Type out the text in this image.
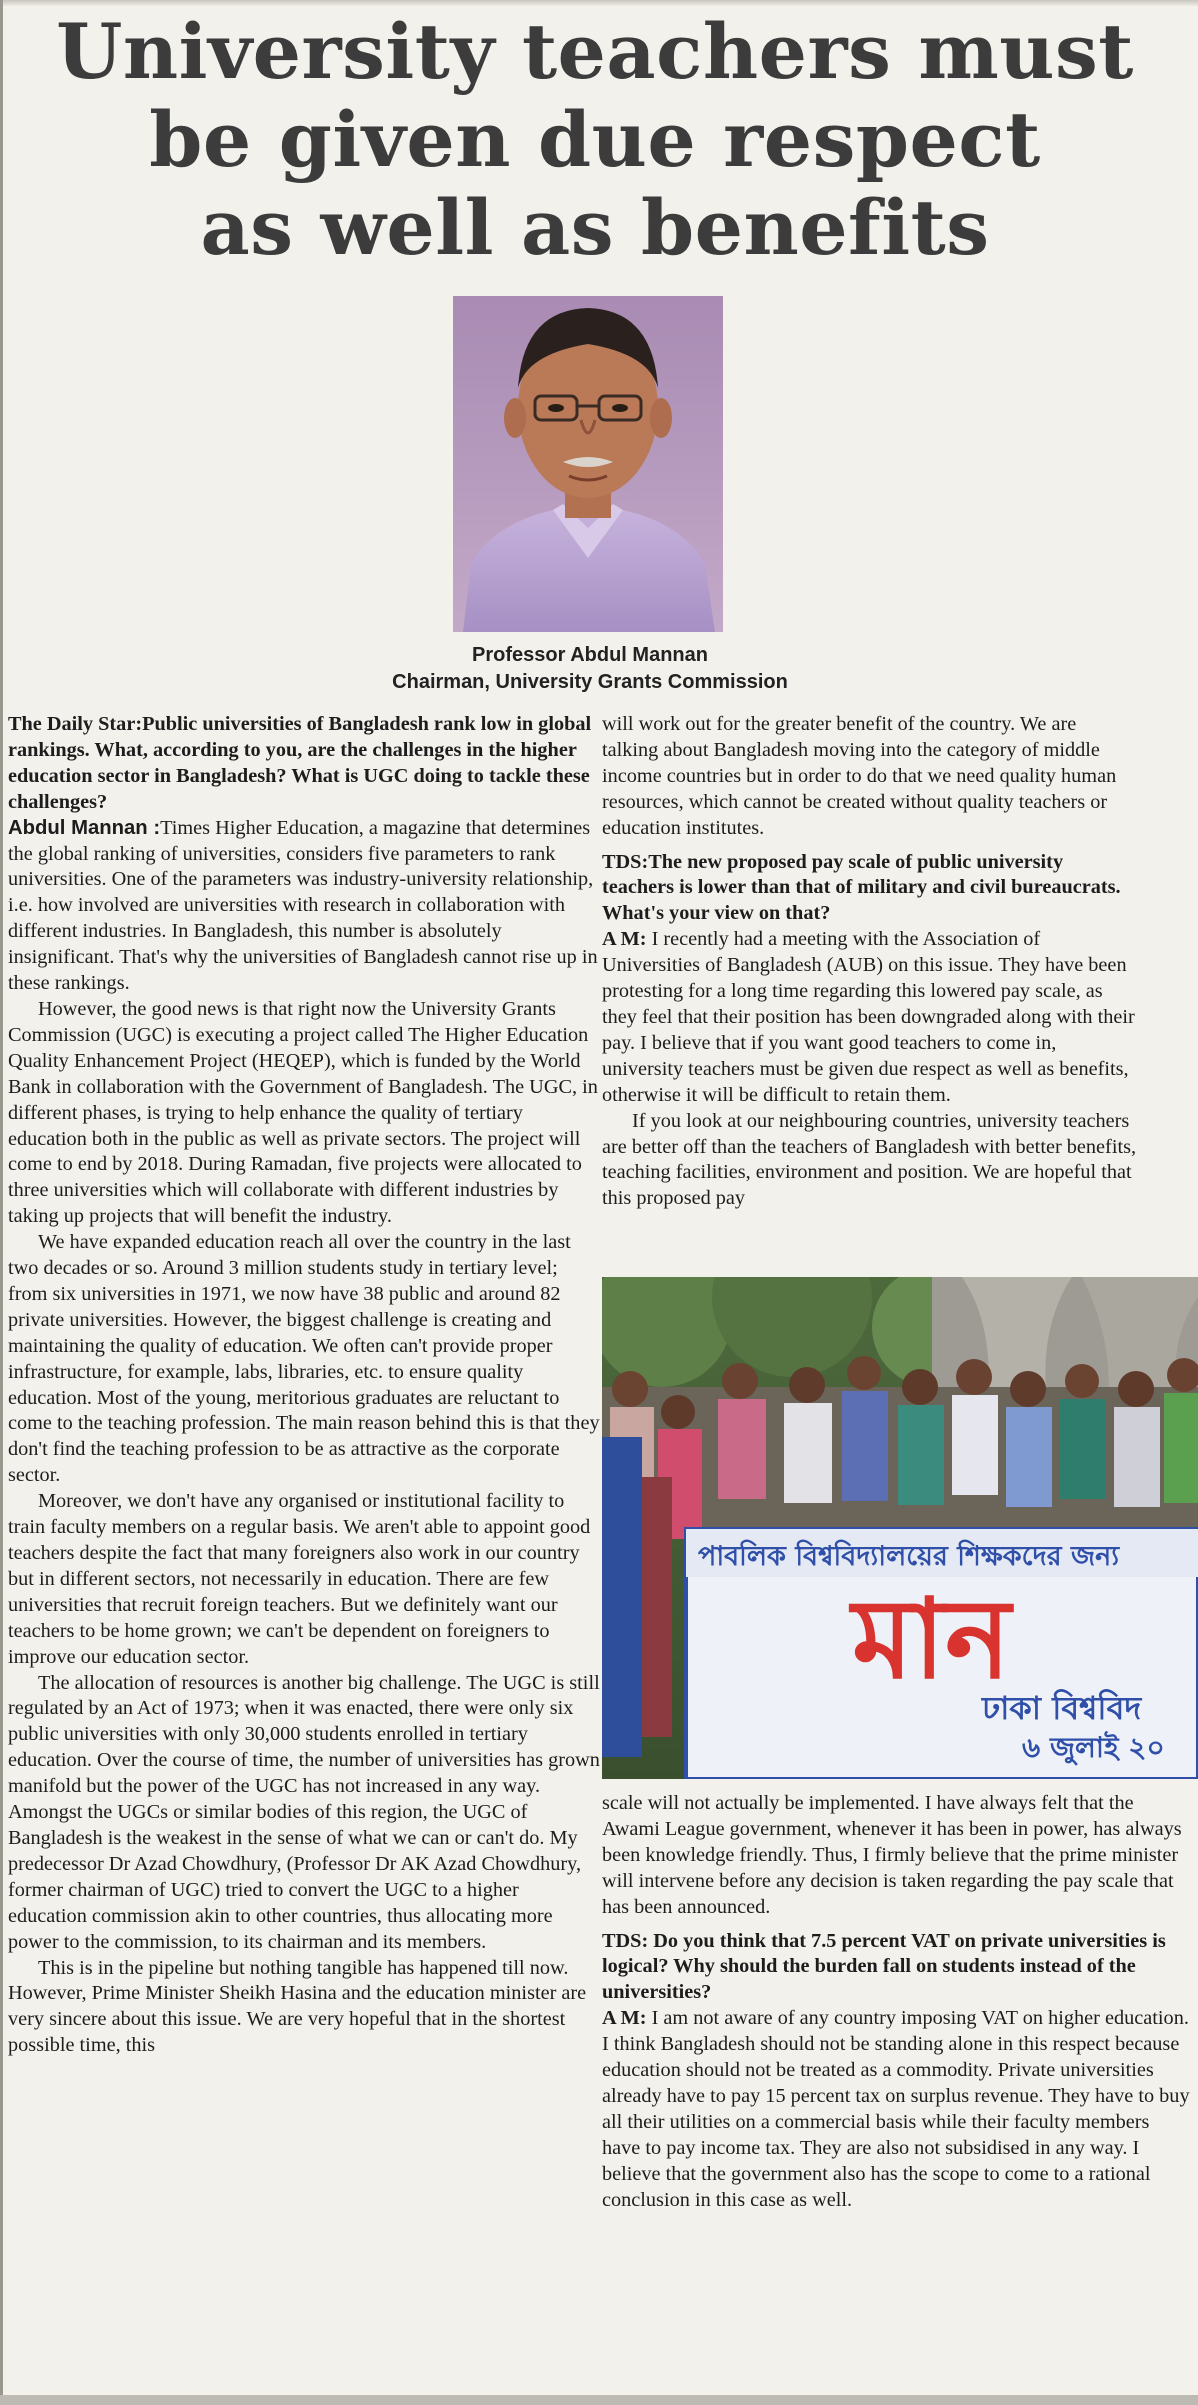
University teachers must
be given due respect
as well as benefits
Professor Abdul Mannan
Chairman, University Grants Commission

The Daily Star:Public universities of Bangladesh rank low in global rankings. What, according to you, are the challenges in the higher education sector in Bangladesh? What is UGC doing to tackle these challenges?

Abdul Mannan :Times Higher Education, a magazine that determines the global ranking of universities, considers five parameters to rank universities. One of the parameters was industry-university relationship, i.e. how involved are universities with research in collaboration with different industries. In Bangladesh, this number is absolutely insignificant. That's why the universities of Bangladesh cannot rise up in these rankings.

However, the good news is that right now the University Grants Commission (UGC) is executing a project called The Higher Education Quality Enhancement Project (HEQEP), which is funded by the World Bank in collaboration with the Government of Bangladesh. The UGC, in different phases, is trying to help enhance the quality of tertiary education both in the public as well as private sectors. The project will come to end by 2018. During Ramadan, five projects were allocated to three universities which will collaborate with different industries by taking up projects that will benefit the industry.

We have expanded education reach all over the country in the last two decades or so. Around 3 million students study in tertiary level; from six universities in 1971, we now have 38 public and around 82 private universities. However, the biggest challenge is creating and maintaining the quality of education. We often can't provide proper infrastructure, for example, labs, libraries, etc. to ensure quality education. Most of the young, meritorious graduates are reluctant to come to the teaching profession. The main reason behind this is that they don't find the teaching profession to be as attractive as the corporate sector.

Moreover, we don't have any organised or institutional facility to train faculty members on a regular basis. We aren't able to appoint good teachers despite the fact that many foreigners also work in our country but in different sectors, not necessarily in education. There are few universities that recruit foreign teachers. But we definitely want our teachers to be home grown; we can't be dependent on foreigners to improve our education sector.

The allocation of resources is another big challenge. The UGC is still regulated by an Act of 1973; when it was enacted, there were only six public universities with only 30,000 students enrolled in tertiary education. Over the course of time, the number of universities has grown manifold but the power of the UGC has not increased in any way. Amongst the UGCs or similar bodies of this region, the UGC of Bangladesh is the weakest in the sense of what we can or can't do. My predecessor Dr Azad Chowdhury, (Professor Dr AK Azad Chowdhury, former chairman of UGC) tried to convert the UGC to a higher education commission akin to other countries, thus allocating more power to the commission, to its chairman and its members.

This is in the pipeline but nothing tangible has happened till now. However, Prime Minister Sheikh Hasina and the education minister are very sincere about this issue. We are very hopeful that in the shortest possible time, this

will work out for the greater benefit of the country. We are talking about Bangladesh moving into the category of middle income countries but in order to do that we need quality human resources, which cannot be created without quality teachers or education institutes.

TDS:The new proposed pay scale of public university teachers is lower than that of military and civil bureaucrats. What's your view on that?

A M: I recently had a meeting with the Association of Universities of Bangladesh (AUB) on this issue. They have been protesting for a long time regarding this lowered pay scale, as they feel that their position has been downgraded along with their pay. I believe that if you want good teachers to come in, university teachers must be given due respect as well as benefits, otherwise it will be difficult to retain them.

If you look at our neighbouring countries, university teachers are better off than the teachers of Bangladesh with better benefits, teaching facilities, environment and position. We are hopeful that this proposed pay

পাবলিক বিশ্ববিদ্যালয়ের শিক্ষকদের জন্য
মান
ঢাকা বিশ্ববিদ
৬ জুলাই ২০

scale will not actually be implemented. I have always felt that the Awami League government, whenever it has been in power, has always been knowledge friendly. Thus, I firmly believe that the prime minister will intervene before any decision is taken regarding the pay scale that has been announced.

TDS: Do you think that 7.5 percent VAT on private universities is logical? Why should the burden fall on students instead of the universities?

A M: I am not aware of any country imposing VAT on higher education. I think Bangladesh should not be standing alone in this respect because education should not be treated as a commodity. Private universities already have to pay 15 percent tax on surplus revenue. They have to buy all their utilities on a commercial basis while their faculty members have to pay income tax. They are also not subsidised in any way. I believe that the government also has the scope to come to a rational conclusion in this case as well.
